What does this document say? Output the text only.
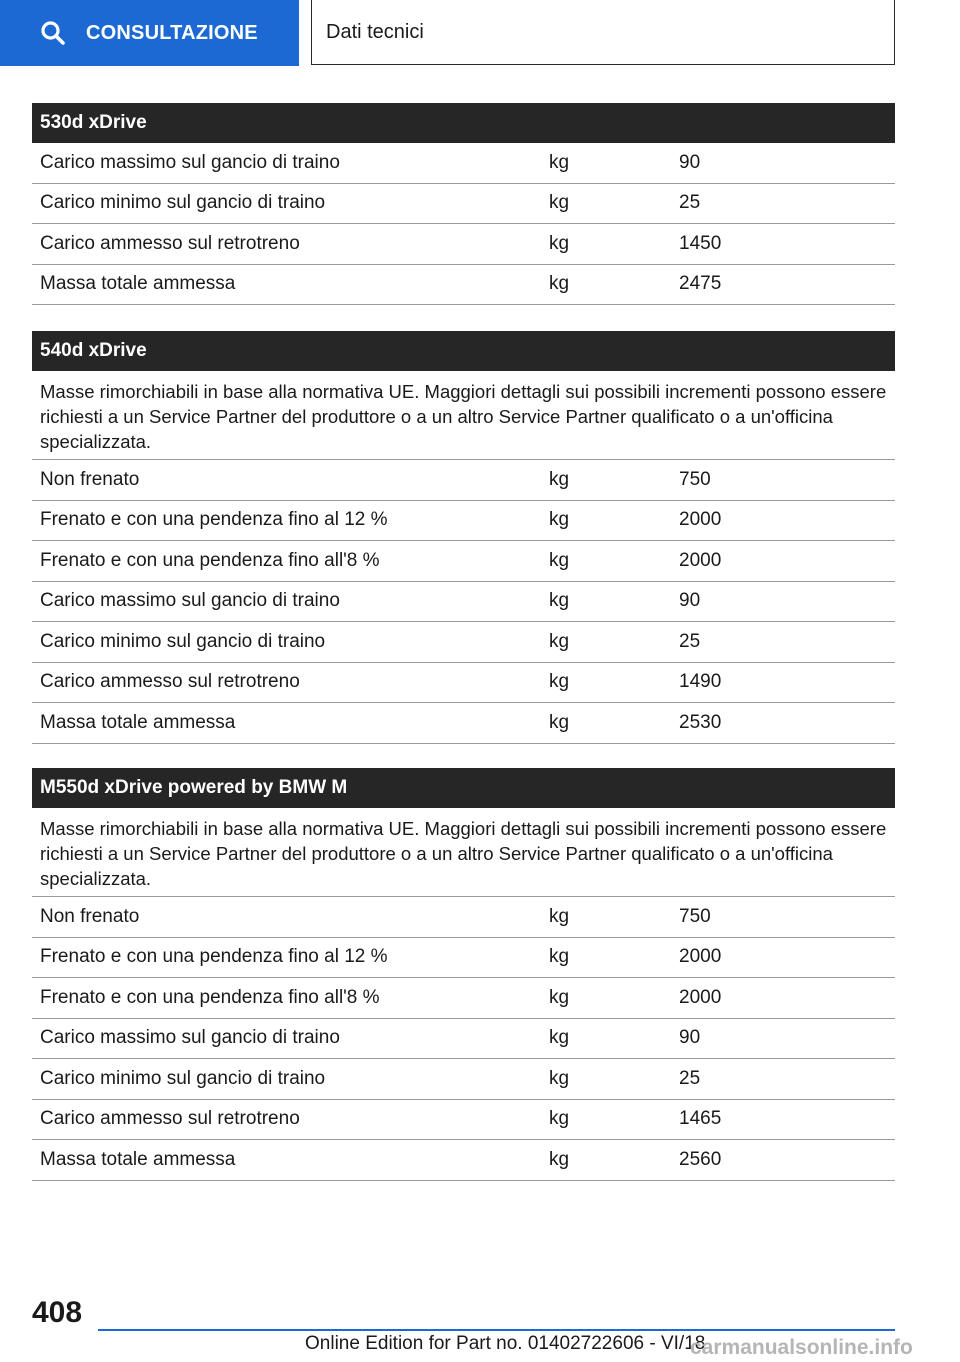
CONSULTAZIONE	Dati tecnici
530d xDrive
Carico massimo sul gancio di traino	kg	90
Carico minimo sul gancio di traino	kg	25
Carico ammesso sul retrotreno	kg	1450
Massa totale ammessa	kg	2475
540d xDrive
Masse rimorchiabili in base alla normativa UE. Maggiori dettagli sui possibili incrementi possono essere richiesti a un Service Partner del produttore o a un altro Service Partner qualificato o a un'officina specializzata.
Non frenato	kg	750
Frenato e con una pendenza fino al 12 %	kg	2000
Frenato e con una pendenza fino all'8 %	kg	2000
Carico massimo sul gancio di traino	kg	90
Carico minimo sul gancio di traino	kg	25
Carico ammesso sul retrotreno	kg	1490
Massa totale ammessa	kg	2530
M550d xDrive powered by BMW M
Masse rimorchiabili in base alla normativa UE. Maggiori dettagli sui possibili incrementi possono essere richiesti a un Service Partner del produttore o a un altro Service Partner qualificato o a un'officina specializzata.
Non frenato	kg	750
Frenato e con una pendenza fino al 12 %	kg	2000
Frenato e con una pendenza fino all'8 %	kg	2000
Carico massimo sul gancio di traino	kg	90
Carico minimo sul gancio di traino	kg	25
Carico ammesso sul retrotreno	kg	1465
Massa totale ammessa	kg	2560
408
Online Edition for Part no. 01402722606 - VI/18
carmanualsonline.info
